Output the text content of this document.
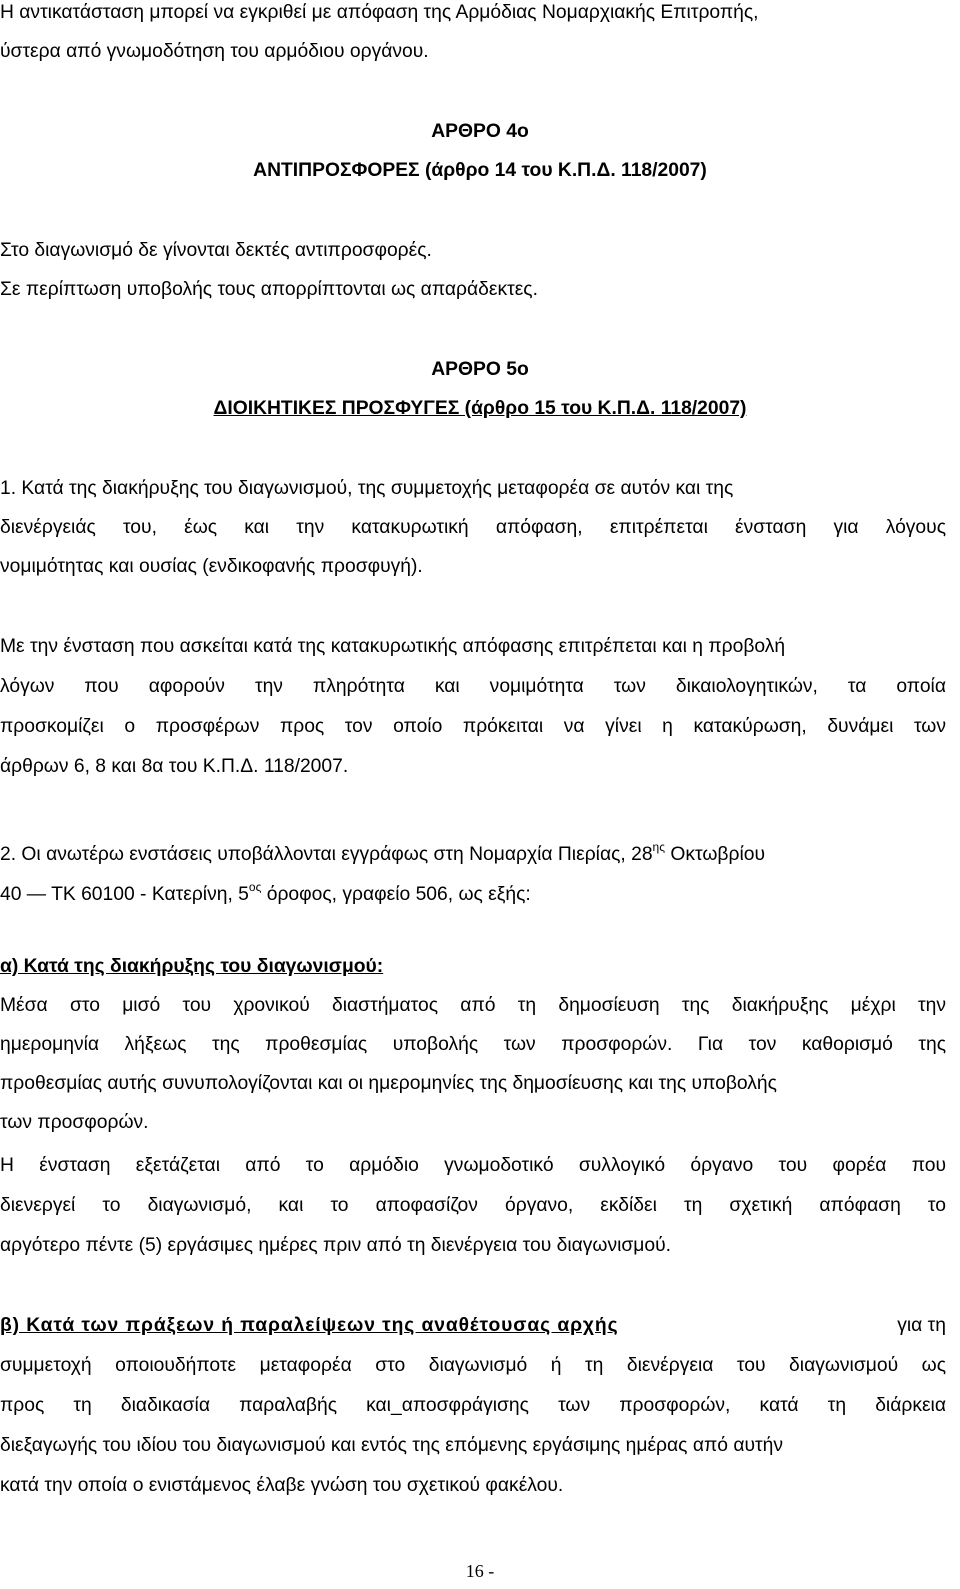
Η αντικατάσταση μπορεί να εγκριθεί με απόφαση της Αρμόδιας Νομαρχιακής Επιτροπής,
ύστερα από γνωμοδότηση του αρμόδιου οργάνου.
ΑΡΘΡΟ 4ο
ΑΝΤΙΠΡΟΣΦΟΡΕΣ (άρθρο 14 του Κ.Π.Δ. 118/2007)
Στο διαγωνισμό δε γίνονται δεκτές αντιπροσφορές.
Σε περίπτωση υποβολής τους απορρίπτονται ως απαράδεκτες.
ΑΡΘΡΟ 5ο
ΔΙΟΙΚΗΤΙΚΕΣ ΠΡΟΣΦΥΓΕΣ (άρθρο 15 του Κ.Π.Δ. 118/2007)
1. Κατά της διακήρυξης του διαγωνισμού, της συμμετοχής μεταφορέα σε αυτόν και της
διενέργειάς του, έως και την κατακυρωτική απόφαση, επιτρέπεται ένσταση για λόγους
νομιμότητας και ουσίας (ενδικοφανής προσφυγή).
Με την ένσταση που ασκείται κατά της κατακυρωτικής απόφασης επιτρέπεται και η προβολή
λόγων που αφορούν την πληρότητα και νομιμότητα των δικαιολογητικών, τα οποία
προσκομίζει ο προσφέρων προς τον οποίο πρόκειται να γίνει η κατακύρωση, δυνάμει των
άρθρων 6, 8 και 8α του Κ.Π.Δ. 118/2007.
2. Οι ανωτέρω ενστάσεις υποβάλλονται εγγράφως στη Νομαρχία Πιερίας, $28^{\eta\varsigma}$ Οκτωβρίου
40 — ΤΚ 60100 - Κατερίνη, $5^{o\varsigma}$ όροφος, γραφείο 506, ως εξής:
α) Κατά της διακήρυξης του διαγωνισμού:
Μέσα στο μισό του χρονικού διαστήματος από τη δημοσίευση της διακήρυξης μέχρι την
ημερομηνία λήξεως της προθεσμίας υποβολής των προσφορών. Για τον καθορισμό της
προθεσμίας αυτής συνυπολογίζονται και οι ημερομηνίες της δημοσίευσης και της υποβολής
των προσφορών.
Η ένσταση εξετάζεται από το αρμόδιο γνωμοδοτικό συλλογικό όργανο του φορέα που
διενεργεί το διαγωνισμό, και το αποφασίζον όργανο, εκδίδει τη σχετική απόφαση το
αργότερο πέντε (5) εργάσιμες ημέρες πριν από τη διενέργεια του διαγωνισμού.
β) Κατά των πράξεων ή παραλείψεων της αναθέτουσας αρχής	για τη
συμμετοχή οποιουδήποτε μεταφορέα στο διαγωνισμό ή τη διενέργεια του διαγωνισμού ως
προς τη διαδικασία παραλαβής και_αποσφράγισης των προσφορών, κατά τη διάρκεια
διεξαγωγής του ιδίου του διαγωνισμού και εντός της επόμενης εργάσιμης ημέρας από αυτήν
κατά την οποία ο ενιστάμενος έλαβε γνώση του σχετικού φακέλου.
16 -
